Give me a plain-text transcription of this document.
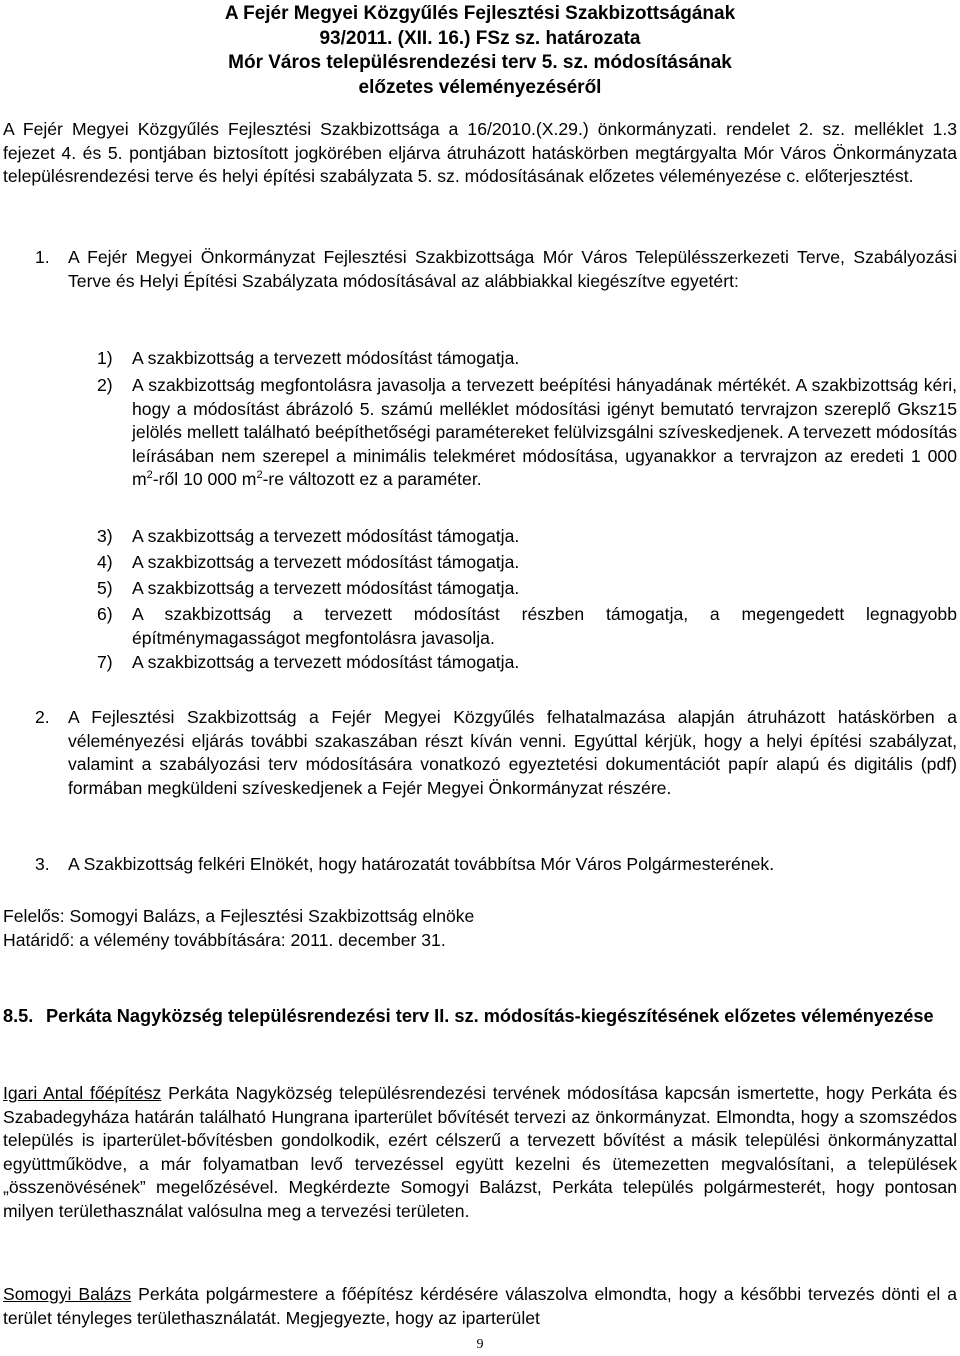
A Fejér Megyei Közgyűlés Fejlesztési Szakbizottságának
93/2011. (XII. 16.) FSz sz. határozata
Mór Város településrendezési terv 5. sz. módosításának
előzetes véleményezéséről
A Fejér Megyei Közgyűlés Fejlesztési Szakbizottsága a 16/2010.(X.29.) önkormányzati. rendelet 2. sz. melléklet 1.3 fejezet 4. és 5. pontjában biztosított jogkörében eljárva átruházott hatáskörben megtárgyalta Mór Város Önkormányzata településrendezési terve és helyi építési szabályzata 5. sz. módosításának előzetes véleményezése c. előterjesztést.
1. A Fejér Megyei Önkormányzat Fejlesztési Szakbizottsága Mór Város Településszerkezeti Terve, Szabályozási Terve és Helyi Építési Szabályzata módosításával az alábbiakkal kiegészítve egyetért:
1) A szakbizottság a tervezett módosítást támogatja.
2) A szakbizottság megfontolásra javasolja a tervezett beépítési hányadának mértékét. A szakbizottság kéri, hogy a módosítást ábrázoló 5. számú melléklet módosítási igényt bemutató tervrajzon szereplő Gksz15 jelölés mellett található beépíthetőségi paramétereket felülvizsgálni szíveskedjenek. A tervezett módosítás leírásában nem szerepel a minimális telekméret módosítása, ugyanakkor a tervrajzon az eredeti 1 000 $m^2$-ről 10 000 $m^2-re$ változott ez a paraméter.
3) A szakbizottság a tervezett módosítást támogatja.
4) A szakbizottság a tervezett módosítást támogatja.
5) A szakbizottság a tervezett módosítást támogatja.
6) A szakbizottság a tervezett módosítást részben támogatja, a megengedett legnagyobb építménymagasságot megfontolásra javasolja.
7) A szakbizottság a tervezett módosítást támogatja.
2. A Fejlesztési Szakbizottság a Fejér Megyei Közgyűlés felhatalmazása alapján átruházott hatáskörben a véleményezési eljárás további szakaszában részt kíván venni. Egyúttal kérjük, hogy a helyi építési szabályzat, valamint a szabályozási terv módosítására vonatkozó egyeztetési dokumentációt papír alapú és digitális (pdf) formában megküldeni szíveskedjenek a Fejér Megyei Önkormányzat részére.
3. A Szakbizottság felkéri Elnökét, hogy határozatát továbbítsa Mór Város Polgármesterének.
Felelős: Somogyi Balázs, a Fejlesztési Szakbizottság elnöke
Határidő: a vélemény továbbítására: 2011. december 31.
8.5. Perkáta Nagyközség településrendezési terv II. sz. módosítás-kiegészítésének előzetes véleményezése
Igari Antal főépítész Perkáta Nagyközség településrendezési tervének módosítása kapcsán ismertette, hogy Perkáta és Szabadegyháza határán található Hungrana iparterület bővítését tervezi az önkormányzat. Elmondta, hogy a szomszédos település is iparterület-bővítésben gondolkodik, ezért célszerű a tervezett bővítést a másik települési önkormányzattal együttműködve, a már folyamatban levő tervezéssel együtt kezelni és ütemezetten megvalósítani, a települések „összenövésének” megelőzésével. Megkérdezte Somogyi Balázst, Perkáta település polgármesterét, hogy pontosan milyen területhasználat valósulna meg a tervezési területen.
Somogyi Balázs Perkáta polgármestere a főépítész kérdésére válaszolva elmondta, hogy a későbbi tervezés dönti el a terület tényleges területhasználatát. Megjegyezte, hogy az iparterület
9
